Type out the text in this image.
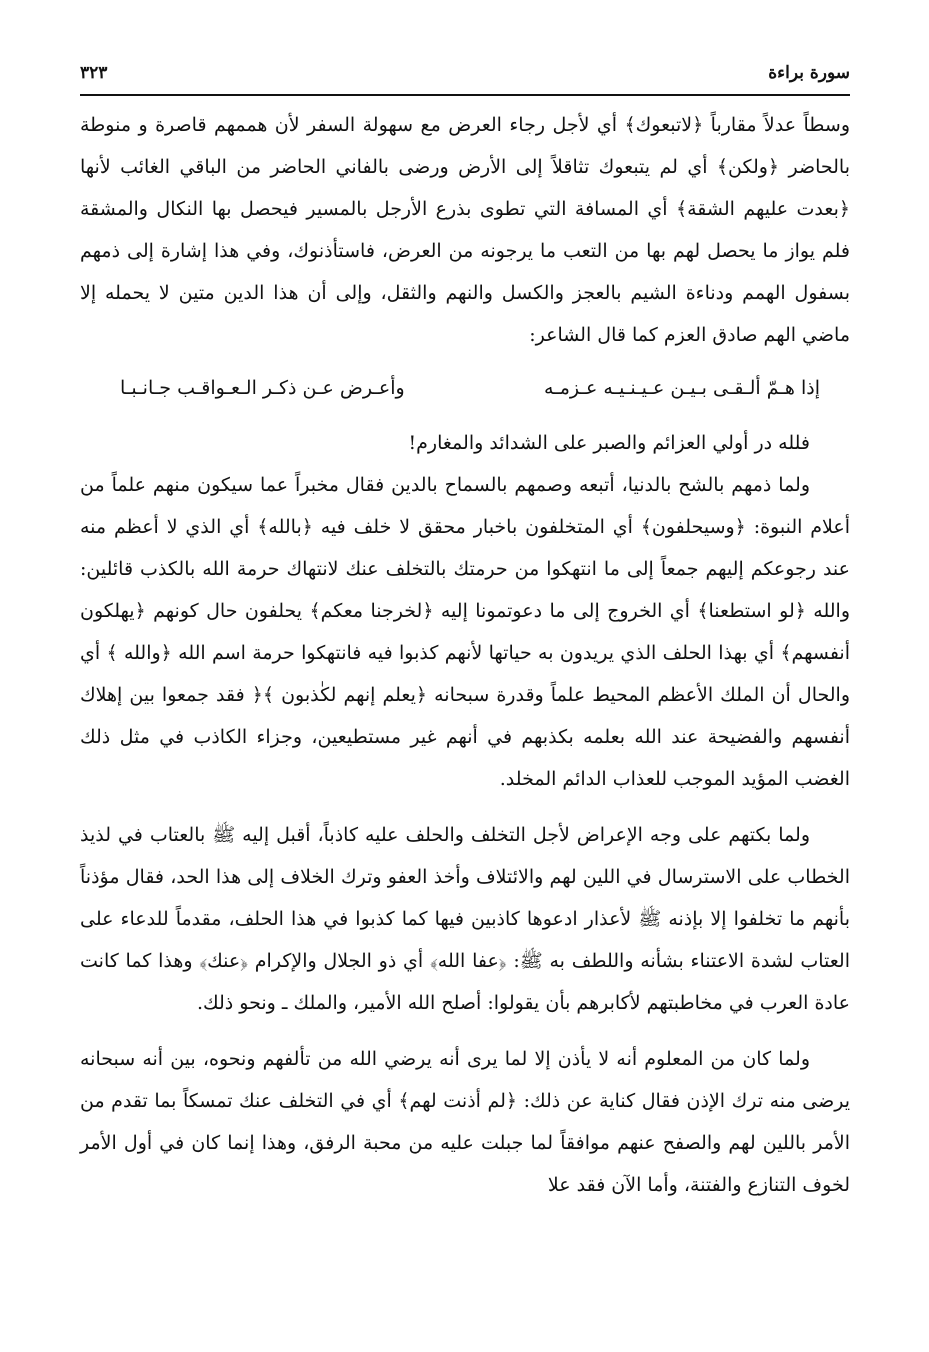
٣٢٣	سورة براءة

وسطاً عدلاً مقارباً ﴿لاتبعوك﴾ أي لأجل رجاء العرض مع سهولة السفر لأن هممهم قاصرة و منوطة بالحاضر ﴿ولكن﴾ أي لم يتبعوك تثاقلاً إلى الأرض ورضى بالفاني الحاضر من الباقي الغائب لأنها ﴿بعدت عليهم الشقة﴾ أي المسافة التي تطوى بذرع الأرجل بالمسير فيحصل بها النكال والمشقة فلم يواز ما يحصل لهم بها من التعب ما يرجونه من العرض، فاستأذنوك، وفي هذا إشارة إلى ذمهم بسفول الهمم ودناءة الشيم بالعجز والكسل والنهم والثقل، وإلى أن هذا الدين متين لا يحمله إلا ماضي الهم صادق العزم كما قال الشاعر:

إذا هـمّ ألـقـى بـيـن عـيـنـيـه عـزمـه
وأعـرض عـن ذكـر الـعـواقـب جـانـبـا

فلله در أولي العزائم والصبر على الشدائد والمغارم!

ولما ذمهم بالشح بالدنيا، أتبعه وصمهم بالسماح بالدين فقال مخبراً عما سيكون منهم علماً من أعلام النبوة: ﴿وسيحلفون﴾ أي المتخلفون باخبار محقق لا خلف فيه ﴿بالله﴾ أي الذي لا أعظم منه عند رجوعكم إليهم جمعاً إلى ما انتهكوا من حرمتك بالتخلف عنك لانتهاك حرمة الله بالكذب قائلين: والله ﴿لو استطعنا﴾ أي الخروج إلى ما دعوتمونا إليه ﴿لخرجنا معكم﴾ يحلفون حال كونهم ﴿يهلكون أنفسهم﴾ أي بهذا الحلف الذي يريدون به حياتها لأنهم كذبوا فيه فانتهكوا حرمة اسم الله ﴿والله ﴾ أي والحال أن الملك الأعظم المحيط علماً وقدرة سبحانه ﴿يعلم إنهم لكٰذبون ﴾﴿ فقد جمعوا بين إهلاك أنفسهم والفضيحة عند الله بعلمه بكذبهم في أنهم غير مستطيعين، وجزاء الكاذب في مثل ذلك الغضب المؤيد الموجب للعذاب الدائم المخلد.

ولما بكتهم على وجه الإعراض لأجل التخلف والحلف عليه كاذباً، أقبل إليه ﷺ بالعتاب في لذيذ الخطاب على الاسترسال في اللين لهم والائتلاف وأخذ العفو وترك الخلاف إلى هذا الحد، فقال مؤذناً بأنهم ما تخلفوا إلا بإذنه ﷺ لأعذار ادعوها كاذبين فيها كما كذبوا في هذا الحلف، مقدماً للدعاء على العتاب لشدة الاعتناء بشأنه واللطف به ﷺ: ﴿عفا الله﴾ أي ذو الجلال والإكرام ﴿عنك﴾ وهذا كما كانت عادة العرب في مخاطبتهم لأكابرهم بأن يقولوا: أصلح الله الأمير، والملك ـ ونحو ذلك.

ولما كان من المعلوم أنه لا يأذن إلا لما يرى أنه يرضي الله من تألفهم ونحوه، بين أنه سبحانه يرضى منه ترك الإذن فقال كناية عن ذلك: ﴿لم أذنت لهم﴾ أي في التخلف عنك تمسكاً بما تقدم من الأمر باللين لهم والصفح عنهم موافقاً لما جبلت عليه من محبة الرفق، وهذا إنما كان في أول الأمر لخوف التنازع والفتنة، وأما الآن فقد علا
